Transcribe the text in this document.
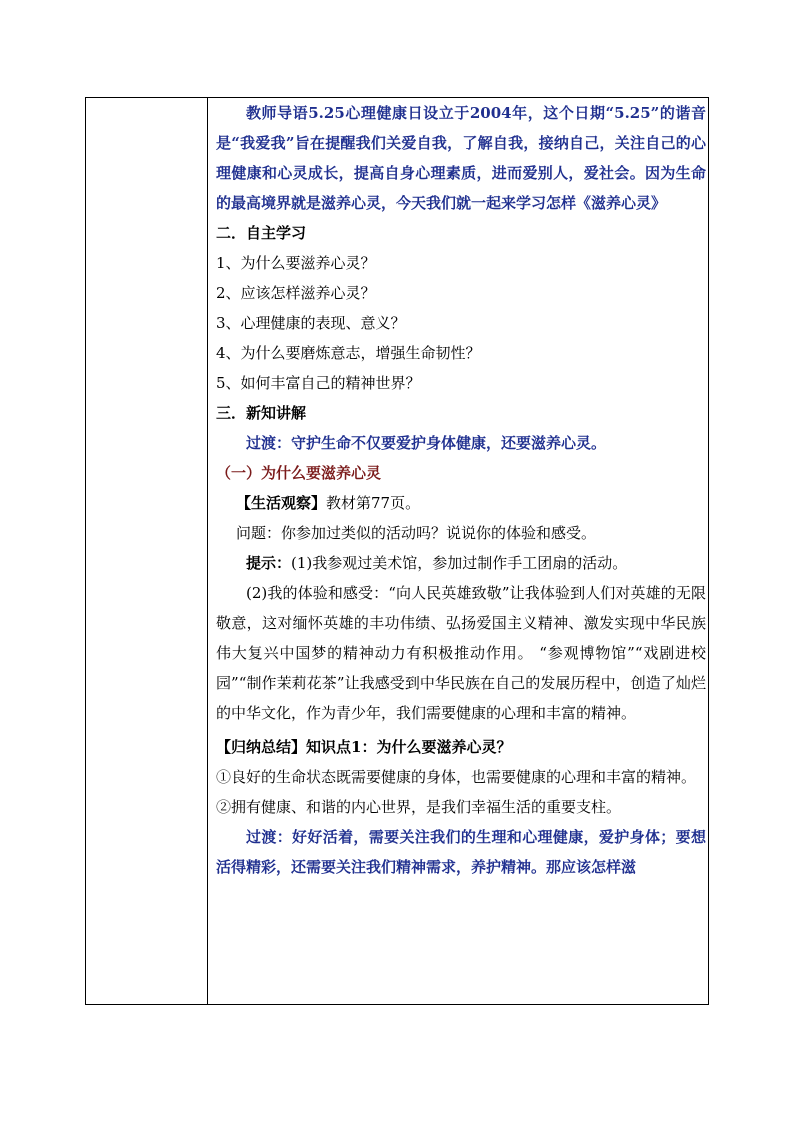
教师导语5.25心理健康日设立于2004年，这个日期“5.25”的谐音是“我爱我”旨在提醒我们关爱自我，了解自我，接纳自己，关注自己的心理健康和心灵成长，提高自身心理素质，进而爱别人，爱社会。因为生命的最高境界就是滋养心灵，今天我们就一起来学习怎样《滋养心灵》

二．自主学习

1、为什么要滋养心灵？

2、应该怎样滋养心灵？

3、心理健康的表现、意义？

4、为什么要磨炼意志，增强生命韧性？

5、如何丰富自己的精神世界？

三．新知讲解

过渡：守护生命不仅要爱护身体健康，还要滋养心灵。

（一）为什么要滋养心灵

【生活观察】教材第77页。

问题：你参加过类似的活动吗？说说你的体验和感受。

提示：(1)我参观过美术馆，参加过制作手工团扇的活动。

(2)我的体验和感受：“向人民英雄致敬”让我体验到人们对英雄的无限敬意，这对缅怀英雄的丰功伟绩、弘扬爱国主义精神、激发实现中华民族伟大复兴中国梦的精神动力有积极推动作用。 “参观博物馆”“戏剧进校园”“制作茉莉花茶”让我感受到中华民族在自己的发展历程中，创造了灿烂的中华文化，作为青少年，我们需要健康的心理和丰富的精神。

【归纳总结】知识点1：为什么要滋养心灵？

①良好的生命状态既需要健康的身体，也需要健康的心理和丰富的精神。

②拥有健康、和谐的内心世界，是我们幸福生活的重要支柱。

过渡：好好活着，需要关注我们的生理和心理健康，爱护身体；要想活得精彩，还需要关注我们精神需求，养护精神。那应该怎样滋
